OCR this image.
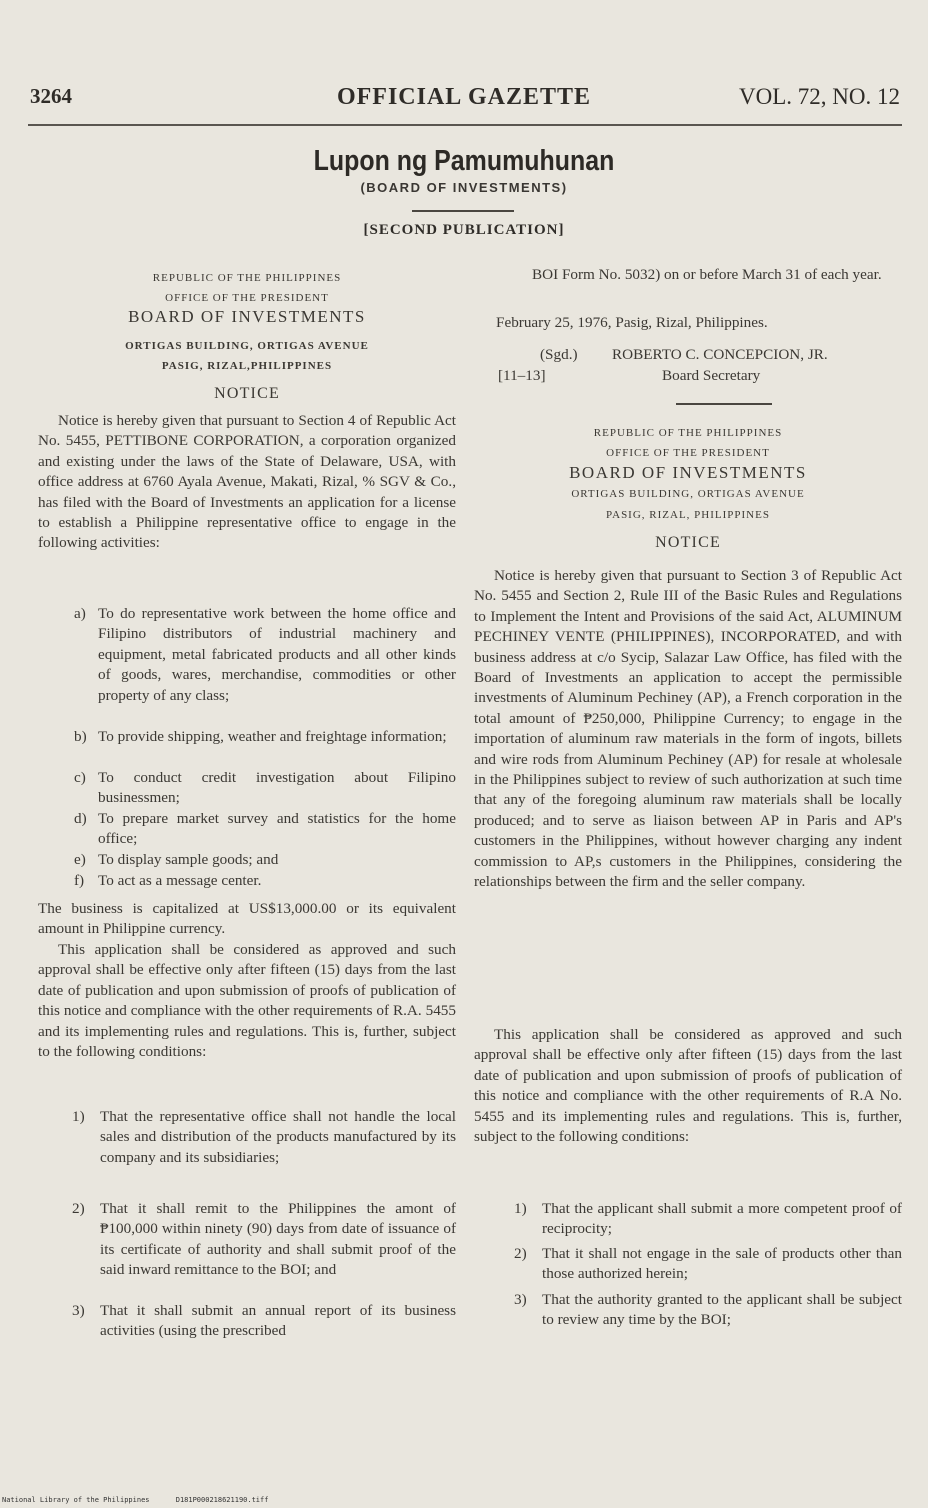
3264	OFFICIAL GAZETTE	VOL. 72, NO. 12
Lupon ng Pamumuhunan
(BOARD OF INVESTMENTS)
[SECOND PUBLICATION]
REPUBLIC OF THE PHILIPPINES
OFFICE OF THE PRESIDENT
BOARD OF INVESTMENTS
ORTIGAS BUILDING, ORTIGAS AVENUE
PASIG, RIZAL,PHILIPPINES
NOTICE
Notice is hereby given that pursuant to Section 4 of Republic Act No. 5455, PETTIBONE CORPORATION, a corporation organized and existing under the laws of the State of Delaware, USA, with office address at 6760 Ayala Avenue, Makati, Rizal, % SGV & Co., has filed with the Board of Investments an application for a license to establish a Philippine representative office to engage in the following activities:
a) To do representative work between the home office and Filipino distributors of industrial machinery and equipment, metal fabricated products and all other kinds of goods, wares, merchandise, commodities or other property of any class;
b) To provide shipping, weather and freightage information;
c) To conduct credit investigation about Filipino businessmen;
d) To prepare market survey and statistics for the home office;
e) To display sample goods; and
f) To act as a message center.
The business is capitalized at US$13,000.00 or its equivalent amount in Philippine currency.
This application shall be considered as approved and such approval shall be effective only after fifteen (15) days from the last date of publication and upon submission of proofs of publication of this notice and compliance with the other requirements of R.A. 5455 and its implementing rules and regulations. This is, further, subject to the following conditions:
1)	That the representative office shall not handle the local sales and distribution of the products manufactured by its company and its subsidiaries;
2)	That it shall remit to the Philippines the amont of ₱100,000 within ninety (90) days from date of issuance of its certificate of authority and shall submit proof of the said inward remittance to the BOI; and
3)	That it shall submit an annual report of its business activities (using the prescribed
BOI Form No. 5032) on or before March 31 of each year.
February 25, 1976, Pasig, Rizal, Philippines.
(Sgd.)	ROBERTO C. CONCEPCION, JR.
[11–13]	Board Secretary
REPUBLIC OF THE PHILIPPINES
OFFICE OF THE PRESIDENT
BOARD OF INVESTMENTS
ORTIGAS BUILDING, ORTIGAS AVENUE
PASIG, RIZAL, PHILIPPINES
NOTICE
Notice is hereby given that pursuant to Section 3 of Republic Act No. 5455 and Section 2, Rule III of the Basic Rules and Regulations to Implement the Intent and Provisions of the said Act, ALUMINUM PECHINEY VENTE (PHILIPPINES), INCORPORATED, and with business address at c/o Sycip, Salazar Law Office, has filed with the Board of Investments an application to accept the permissible investments of Aluminum Pechiney (AP), a French corporation in the total amount of ₱250,000, Philippine Currency; to engage in the importation of aluminum raw materials in the form of ingots, billets and wire rods from Aluminum Pechiney (AP) for resale at wholesale in the Philippines subject to review of such authorization at such time that any of the foregoing aluminum raw materials shall be locally produced; and to serve as liaison between AP in Paris and AP's customers in the Philippines, without however charging any indent commission to AP,s customers in the Philippines, considering the relationships between the firm and the seller company.
This application shall be considered as approved and such approval shall be effective only after fifteen (15) days from the last date of publication and upon submission of proofs of publication of this notice and compliance with the other requirements of R.A No. 5455 and its implementing rules and regulations. This is, further, subject to the following conditions:
1)	That the applicant shall submit a more competent proof of reciprocity;
2)	That it shall not engage in the sale of products other than those authorized herein;
3)	That the authority granted to the applicant shall be subject to review any time by the BOI;
National Library of the Philippines	D181P000218621190.tiff
